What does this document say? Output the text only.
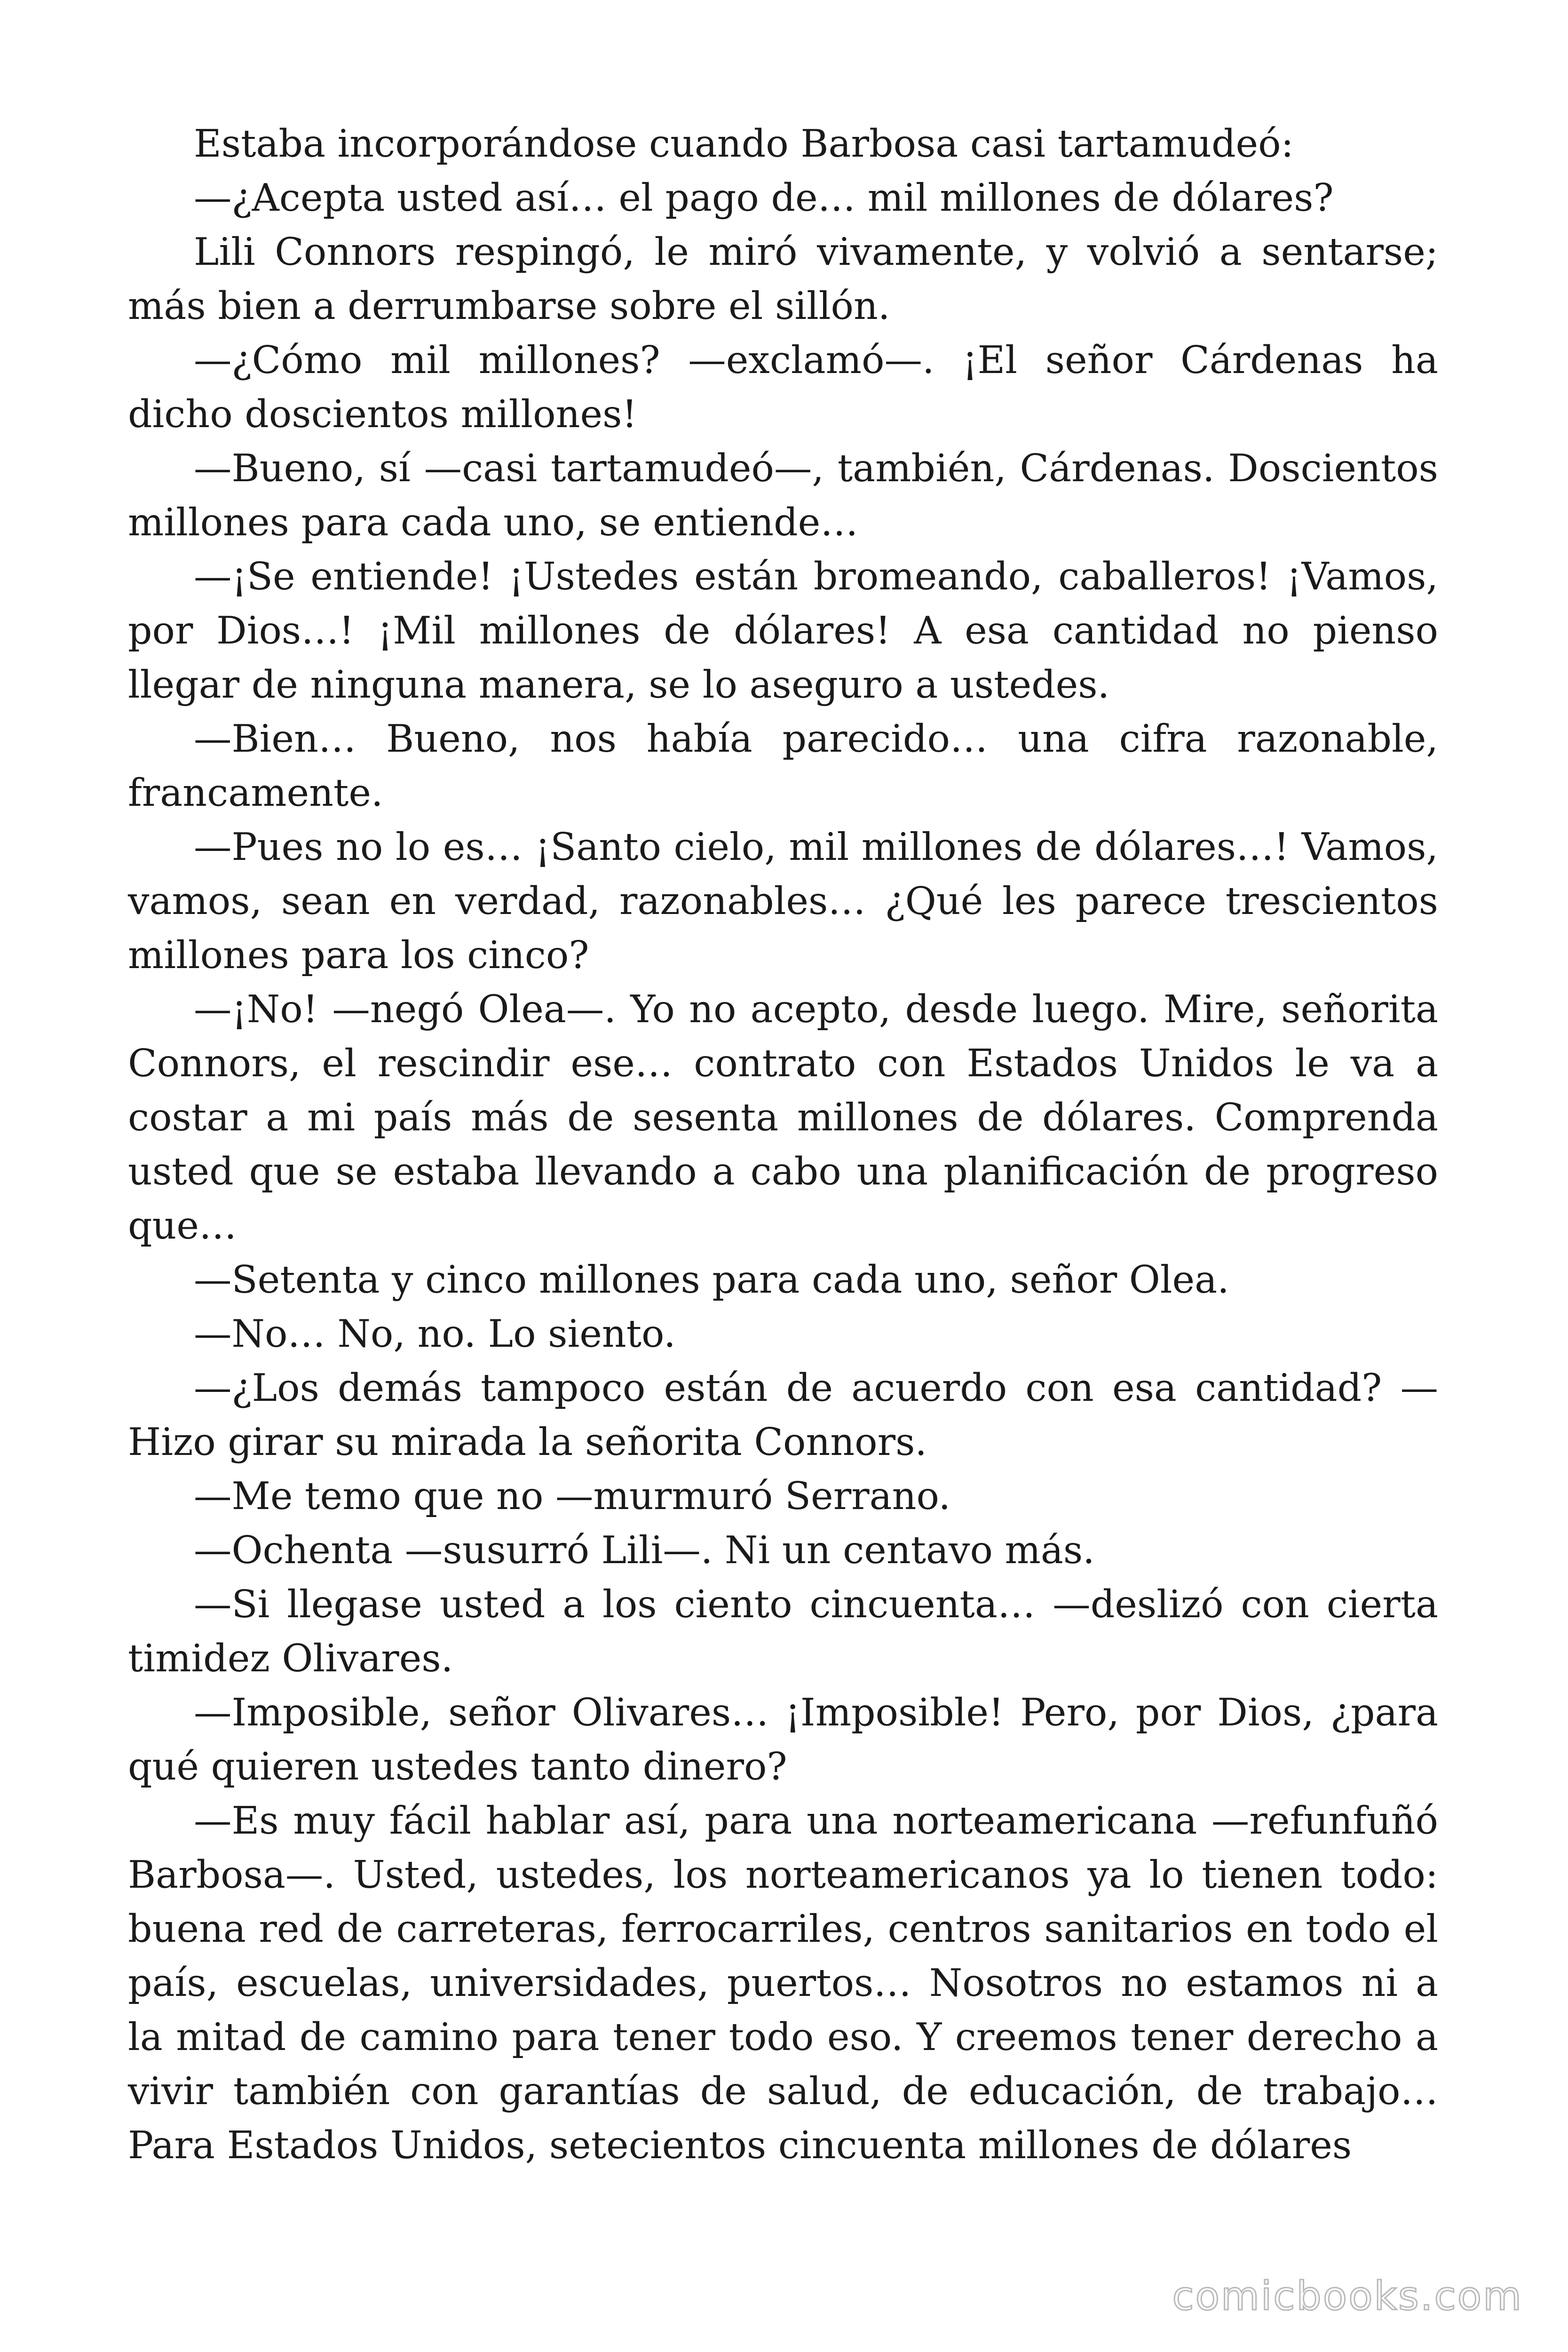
Estaba incorporándose cuando Barbosa casi tartamudeó:

—¿Acepta usted así… el pago de… mil millones de dólares?

Lili Connors respingó, le miró vivamente, y volvió a sentarse; más bien a derrumbarse sobre el sillón.

—¿Cómo mil millones? —exclamó—. ¡El señor Cárdenas ha dicho doscientos millones!

—Bueno, sí —casi tartamudeó—, también, Cárdenas. Doscientos millones para cada uno, se entiende…

—¡Se entiende! ¡Ustedes están bromeando, caballeros! ¡Vamos, por Dios…! ¡Mil millones de dólares! A esa cantidad no pienso llegar de ninguna manera, se lo aseguro a ustedes.

—Bien… Bueno, nos había parecido… una cifra razonable, francamente.

—Pues no lo es… ¡Santo cielo, mil millones de dólares…! Vamos, vamos, sean en verdad, razonables… ¿Qué les parece trescientos millones para los cinco?

—¡No! —negó Olea—. Yo no acepto, desde luego. Mire, señorita Connors, el rescindir ese… contrato con Estados Unidos le va a costar a mi país más de sesenta millones de dólares. Comprenda usted que se estaba llevando a cabo una planificación de progreso que…

—Setenta y cinco millones para cada uno, señor Olea.

—No… No, no. Lo siento.

—¿Los demás tampoco están de acuerdo con esa cantidad? —Hizo girar su mirada la señorita Connors.

—Me temo que no —murmuró Serrano.

—Ochenta —susurró Lili—. Ni un centavo más.

—Si llegase usted a los ciento cincuenta… —deslizó con cierta timidez Olivares.

—Imposible, señor Olivares… ¡Imposible! Pero, por Dios, ¿para qué quieren ustedes tanto dinero?

—Es muy fácil hablar así, para una norteamericana —refunfuñó Barbosa—. Usted, ustedes, los norteamericanos ya lo tienen todo: buena red de carreteras, ferrocarriles, centros sanitarios en todo el país, escuelas, universidades, puertos… Nosotros no estamos ni a la mitad de camino para tener todo eso. Y creemos tener derecho a vivir también con garantías de salud, de educación, de trabajo… Para Estados Unidos, setecientos cincuenta millones de dólares

comicbooks.com
